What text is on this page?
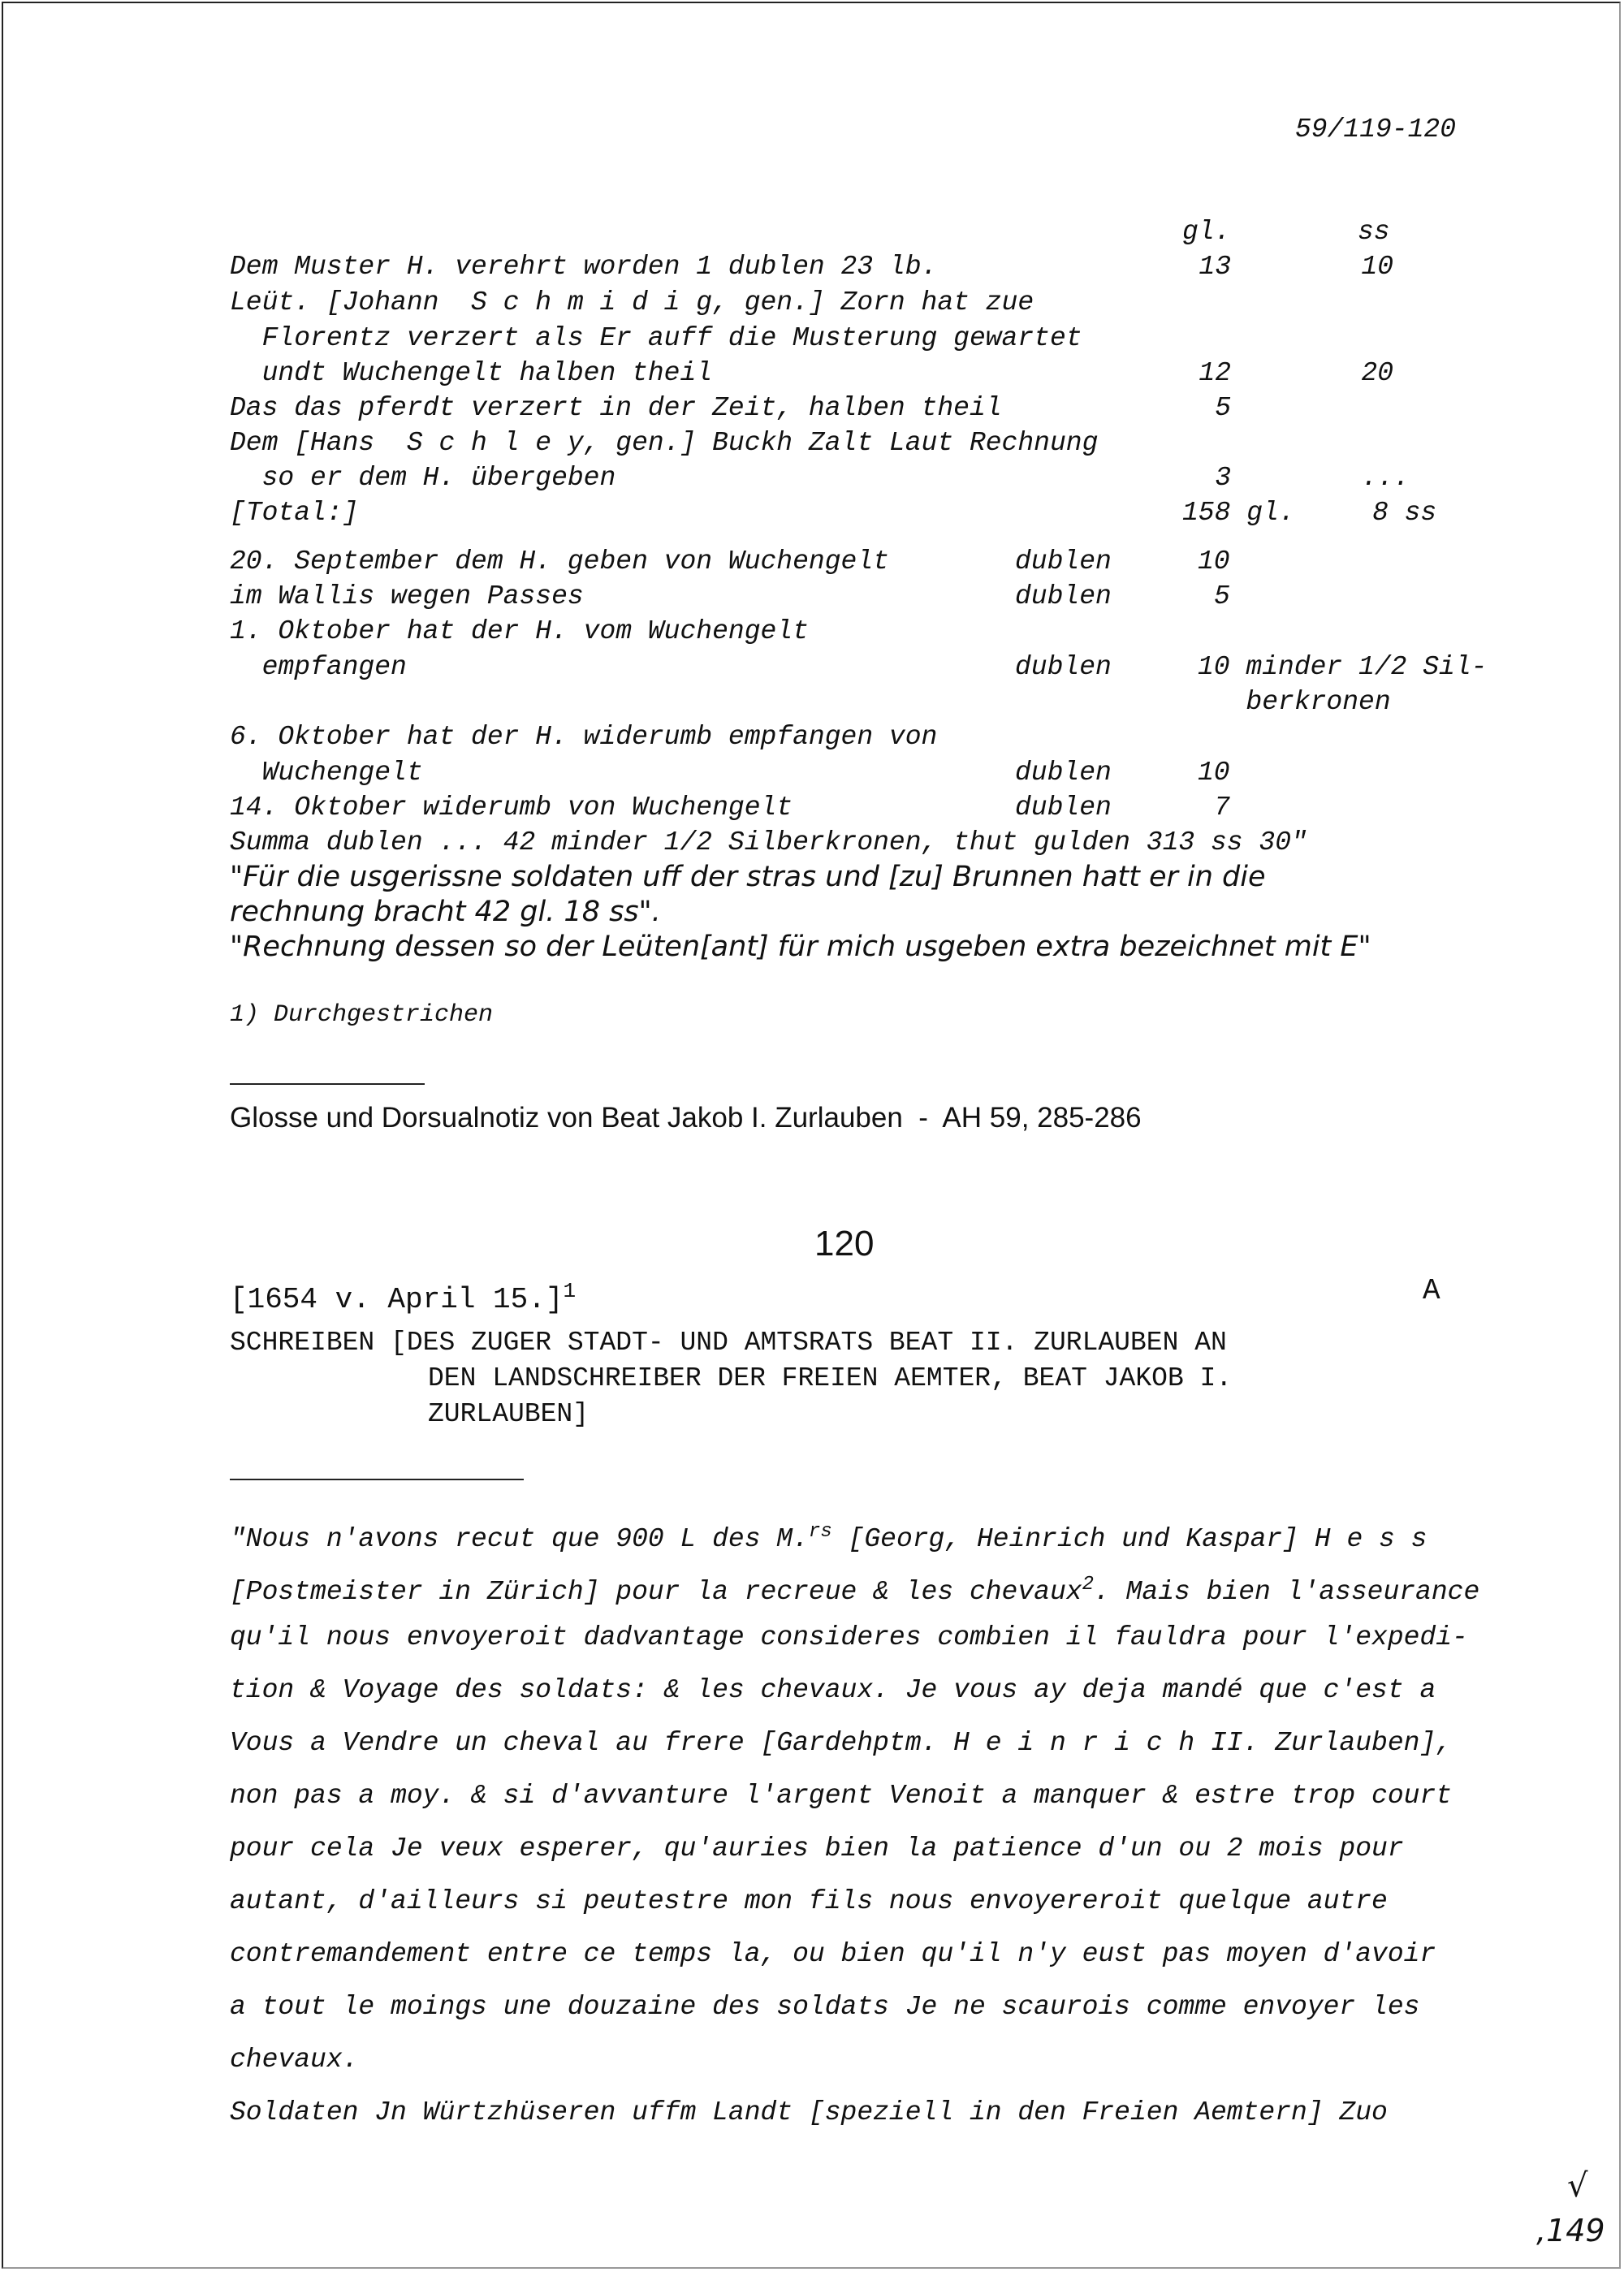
59/119-120
gl.	ss
Dem Muster H. verehrt worden 1 dublen 23 lb.	13	10
Leüt. [Johann  S c h m i d i g, gen.] Zorn hat zue
Florentz verzert als Er auff die Musterung gewartet
undt Wuchengelt halben theil	12	20
Das das pferdt verzert in der Zeit, halben theil	5
Dem [Hans  S c h l e y, gen.] Buckh Zalt Laut Rechnung
so er dem H. übergeben	3	...
[Total:]	158 gl.	8 ss
20. September dem H. geben von Wuchengelt	dublen	10
im Wallis wegen Passes	dublen	5
1. Oktober hat der H. vom Wuchengelt
empfangen	dublen	10 minder 1/2 Sil-
berkronen
6. Oktober hat der H. widerumb empfangen von
Wuchengelt	dublen	10
14. Oktober widerumb von Wuchengelt	dublen	7
Summa dublen ... 42 minder 1/2 Silberkronen, thut gulden 313 ss 30"
"Für die usgerissne soldaten uff der stras und [zu] Brunnen hatt er in die
rechnung bracht 42 gl. 18 ss".
"Rechnung dessen so der Leüten[ant] für mich usgeben extra bezeichnet mit E"
1) Durchgestrichen
Glosse und Dorsualnotiz von Beat Jakob I. Zurlauben  -  AH 59, 285-286
120
[1654 v. April 15.]$^1$	A
SCHREIBEN [DES ZUGER STADT- UND AMTSRATS BEAT II. ZURLAUBEN AN
DEN LANDSCHREIBER DER FREIEN AEMTER, BEAT JAKOB I.
ZURLAUBEN]
"Nous n'avons recut que 900 L des M.$^{rs}$ [Georg, Heinrich und Kaspar] H e s s
[Postmeister in Zürich] pour la recreue & les chevaux$^2$. Mais bien l'asseurance
qu'il nous envoyeroit dadvantage consideres combien il fauldra pour l'expedi-
tion & Voyage des soldats: & les chevaux. Je vous ay deja mandé que c'est a
Vous a Vendre un cheval au frere [Gardehptm. H e i n r i c h II. Zurlauben],
non pas a moy. & si d'avvanture l'argent Venoit a manquer & estre trop court
pour cela Je veux esperer, qu'auries bien la patience d'un ou 2 mois pour
autant, d'ailleurs si peutestre mon fils nous envoyereroit quelque autre
contremandement entre ce temps la, ou bien qu'il n'y eust pas moyen d'avoir
a tout le moings une douzaine des soldats Je ne scaurois comme envoyer les
chevaux.
Soldaten Jn Würtzhüseren uffm Landt [speziell in den Freien Aemtern] Zuo
√
,149
